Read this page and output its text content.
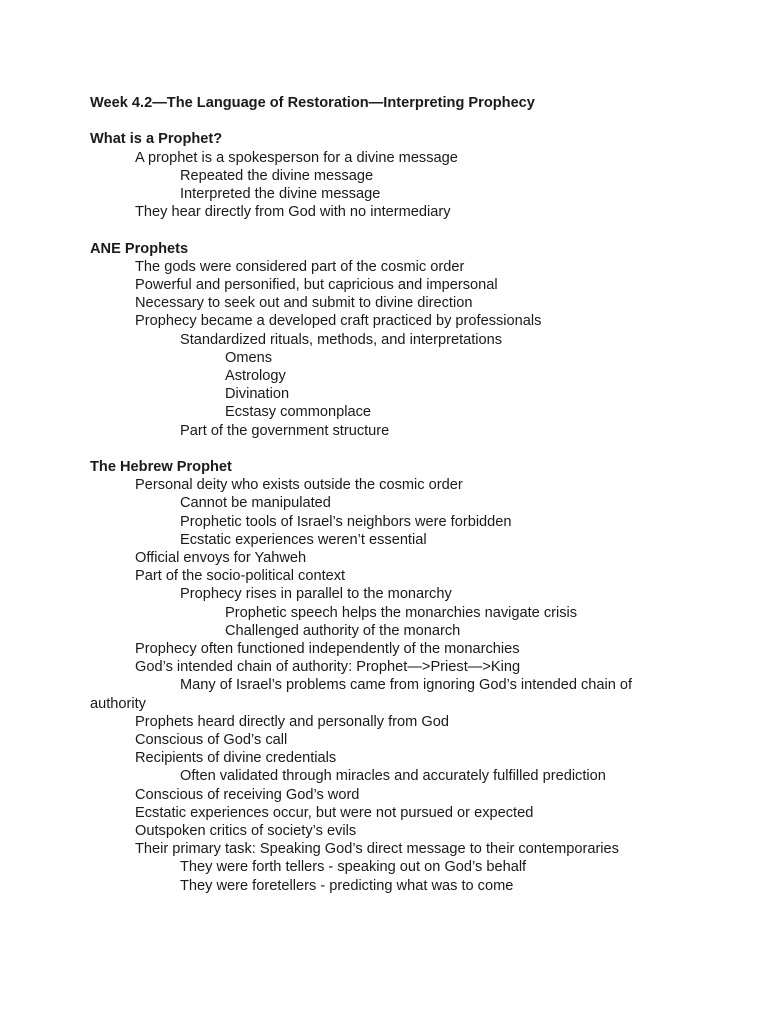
Week 4.2—The Language of Restoration—Interpreting Prophecy
What is a Prophet?
A prophet is a spokesperson for a divine message
Repeated the divine message
Interpreted the divine message
They hear directly from God with no intermediary
ANE Prophets
The gods were considered part of the cosmic order
Powerful and personified, but capricious and impersonal
Necessary to seek out and submit to divine direction
Prophecy became a developed craft practiced by professionals
Standardized rituals, methods, and interpretations
Omens
Astrology
Divination
Ecstasy commonplace
Part of the government structure
The Hebrew Prophet
Personal deity who exists outside the cosmic order
Cannot be manipulated
Prophetic tools of Israel’s neighbors were forbidden
Ecstatic experiences weren’t essential
Official envoys for Yahweh
Part of the socio-political context
Prophecy rises in parallel to the monarchy
Prophetic speech helps the monarchies navigate crisis
Challenged authority of the monarch
Prophecy often functioned independently of the monarchies
God’s intended chain of authority: Prophet—>Priest—>King
Many of Israel’s problems came from ignoring God’s intended chain of authority
Prophets heard directly and personally from God
Conscious of God’s call
Recipients of divine credentials
Often validated through miracles and accurately fulfilled prediction
Conscious of receiving God’s word
Ecstatic experiences occur, but were not pursued or expected
Outspoken critics of society’s evils
Their primary task: Speaking God’s direct message to their contemporaries
They were forth tellers - speaking out on God’s behalf
They were foretellers - predicting what was to come
